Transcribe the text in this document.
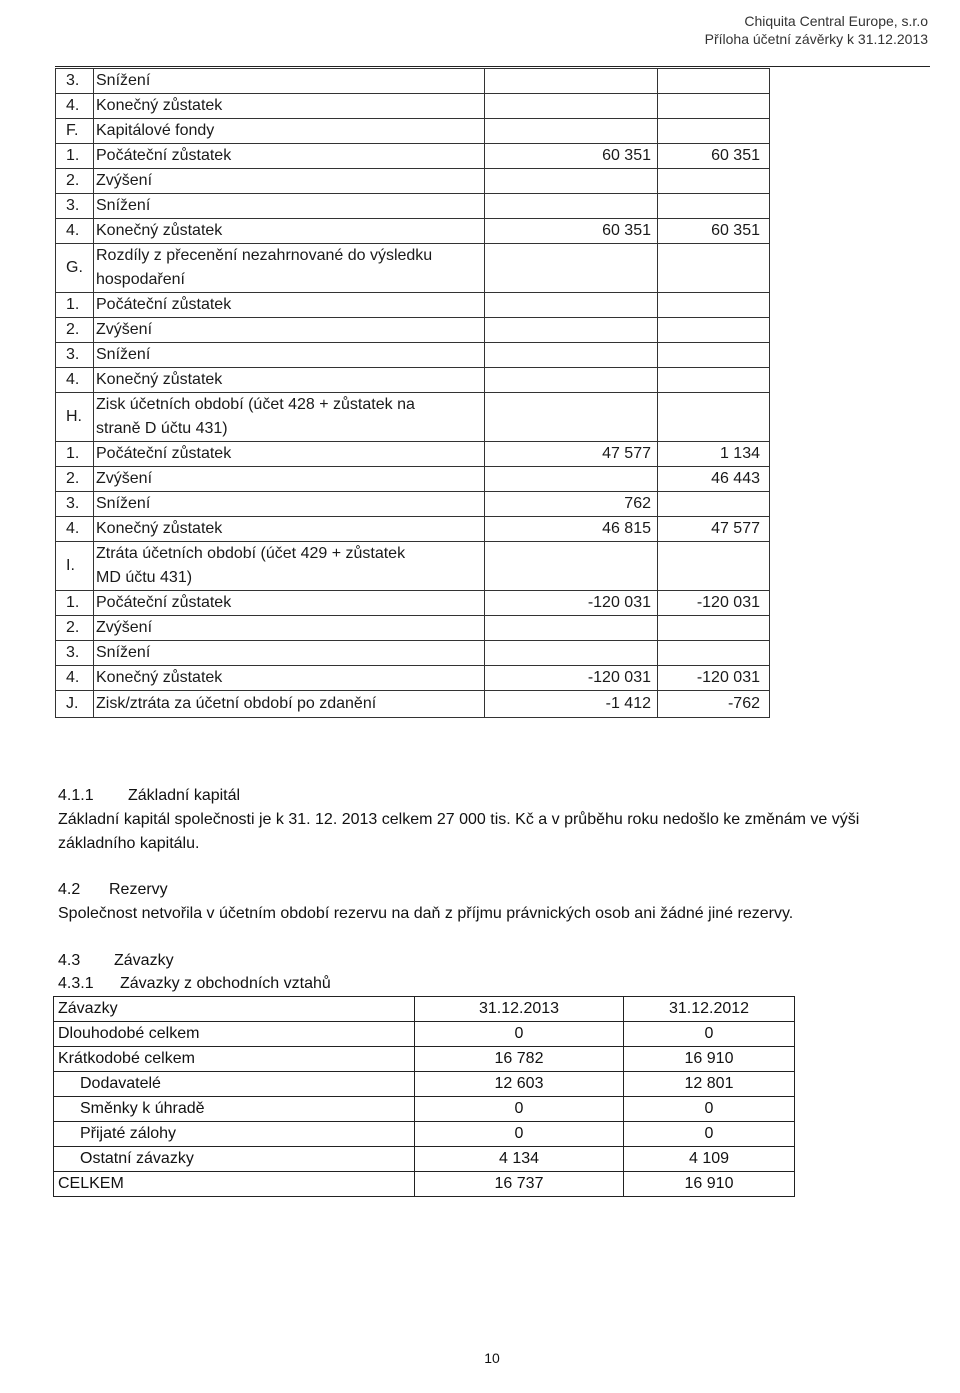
Chiquita Central Europe, s.r.o
Příloha účetní závěrky k 31.12.2013
3.	Snížení		
4.	Konečný zůstatek		
F.	Kapitálové fondy		
1.	Počáteční zůstatek	60 351	60 351
2.	Zvýšení		
3.	Snížení		
4.	Konečný zůstatek	60 351	60 351
G.	Rozdíly z přecenění nezahrnované do výsledku hospodaření		
1.	Počáteční zůstatek		
2.	Zvýšení		
3.	Snížení		
4.	Konečný zůstatek		
H.	Zisk účetních období (účet 428 + zůstatek na straně D účtu 431)		
1.	Počáteční zůstatek	47 577	1 134
2.	Zvýšení		46 443
3.	Snížení	762	
4.	Konečný zůstatek	46 815	47 577
I.	Ztráta účetních období (účet 429 + zůstatek MD účtu 431)		
1.	Počáteční zůstatek	-120 031	-120 031
2.	Zvýšení		
3.	Snížení		
4.	Konečný zůstatek	-120 031	-120 031
J.	Zisk/ztráta za účetní období po zdanění	-1 412	-762
4.1.1 Základní kapitál
Základní kapitál společnosti je k 31. 12. 2013 celkem 27 000 tis. Kč a v průběhu roku nedošlo ke změnám ve výši základního kapitálu.
4.2 Rezervy
Společnost netvořila v účetním období rezervu na daň z příjmu právnických osob ani žádné jiné rezervy.
4.3 Závazky
4.3.1 Závazky z obchodních vztahů
Závazky	31.12.2013	31.12.2012
Dlouhodobé celkem	0	0
Krátkodobé celkem	16 782	16 910
Dodavatelé	12 603	12 801
Směnky k úhradě	0	0
Přijaté zálohy	0	0
Ostatní závazky	4 134	4 109
CELKEM	16 737	16 910
10
